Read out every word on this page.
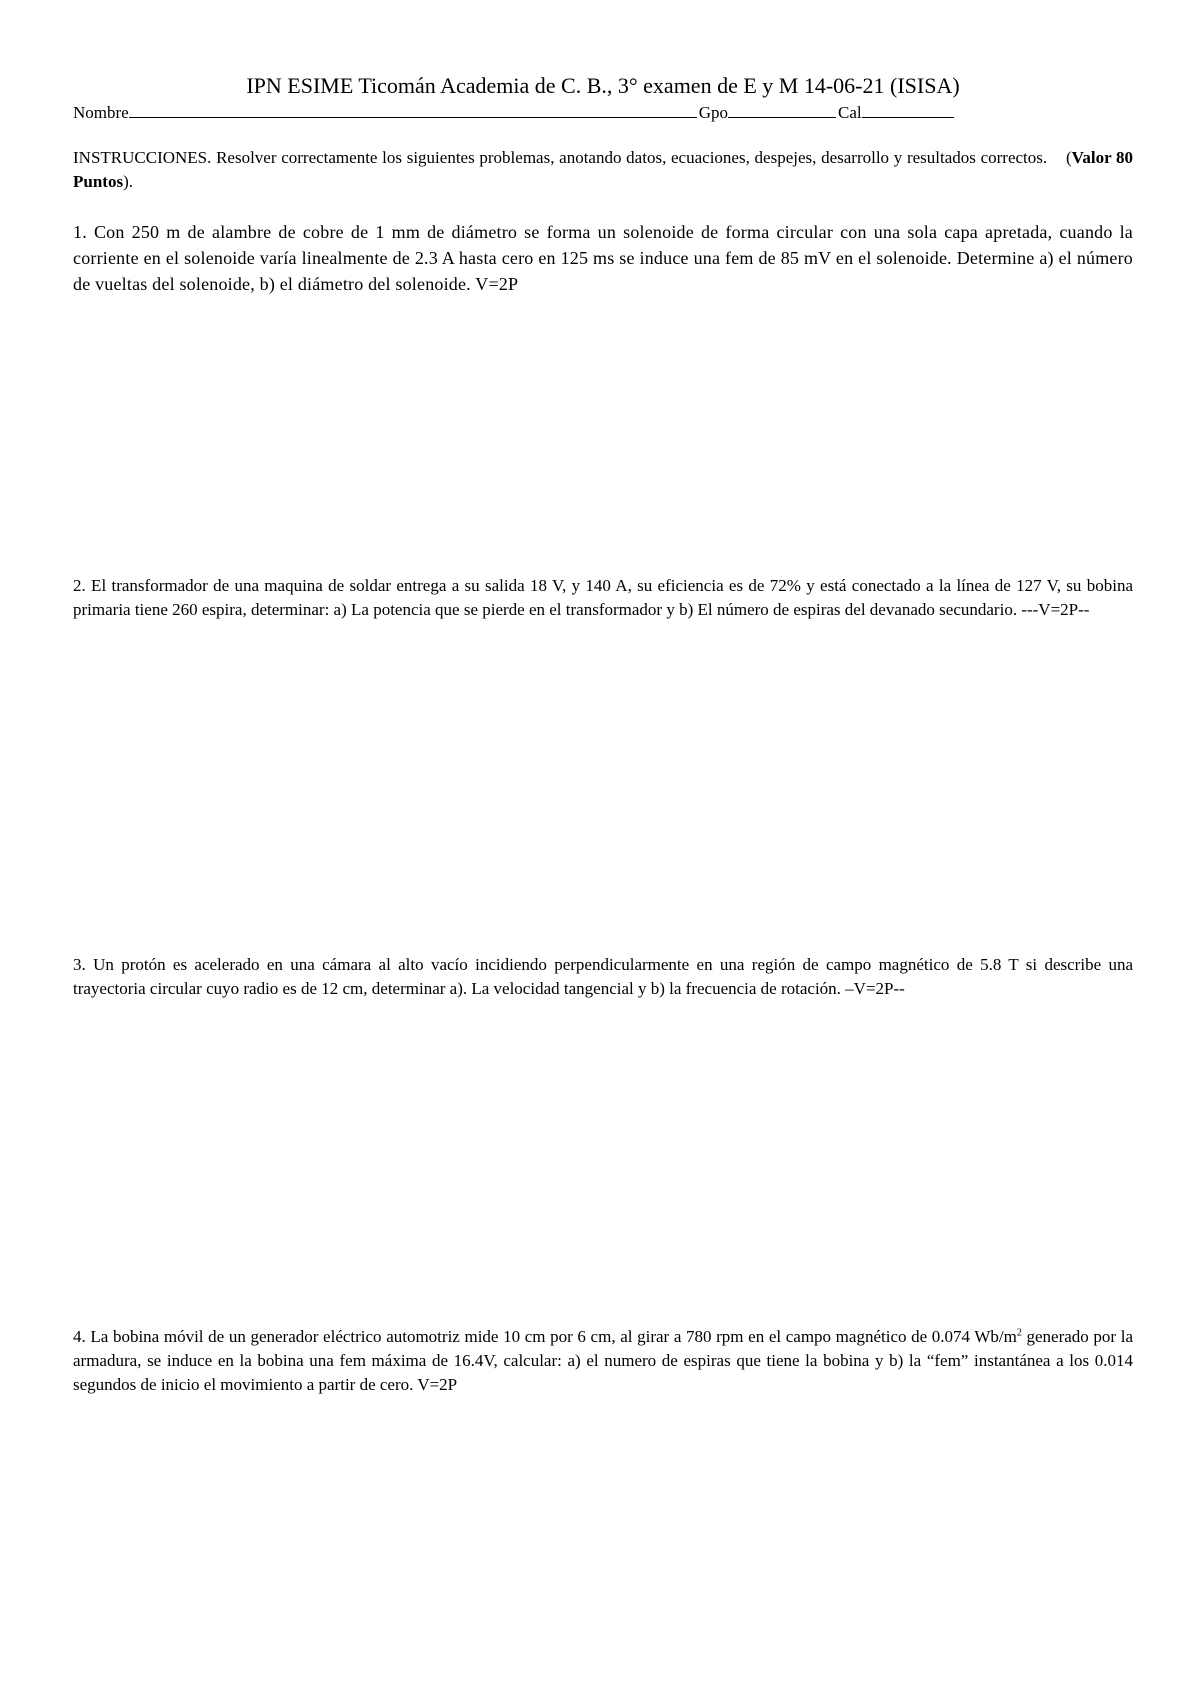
IPN ESIME Ticomán Academia de C. B., 3° examen de E y M 14-06-21 (ISISA)
Nombre	Gpo	Cal
INSTRUCCIONES. Resolver correctamente los siguientes problemas, anotando datos, ecuaciones, despejes, desarrollo y resultados correctos. (Valor 80 Puntos).
1. Con 250 m de alambre de cobre de 1 mm de diámetro se forma un solenoide de forma circular con una sola capa apretada, cuando la corriente en el solenoide varía linealmente de 2.3 A hasta cero en 125 ms se induce una fem de 85 mV en el solenoide. Determine a) el número de vueltas del solenoide, b) el diámetro del solenoide. V=2P
2. El transformador de una maquina de soldar entrega a su salida 18 V, y 140 A, su eficiencia es de 72% y está conectado a la línea de 127 V, su bobina primaria tiene 260 espira, determinar: a) La potencia que se pierde en el transformador y b) El número de espiras del devanado secundario. ---V=2P--
3. Un protón es acelerado en una cámara al alto vacío incidiendo perpendicularmente en una región de campo magnético de 5.8 T si describe una trayectoria circular cuyo radio es de 12 cm, determinar a). La velocidad tangencial y b) la frecuencia de rotación. –V=2P--
4. La bobina móvil de un generador eléctrico automotriz mide 10 cm por 6 cm, al girar a 780 rpm en el campo magnético de 0.074 $Wb/m^2$ generado por la armadura, se induce en la bobina una fem máxima de 16.4V, calcular: a) el numero de espiras que tiene la bobina y b) la “fem” instantánea a los 0.014 segundos de inicio el movimiento a partir de cero. V=2P
